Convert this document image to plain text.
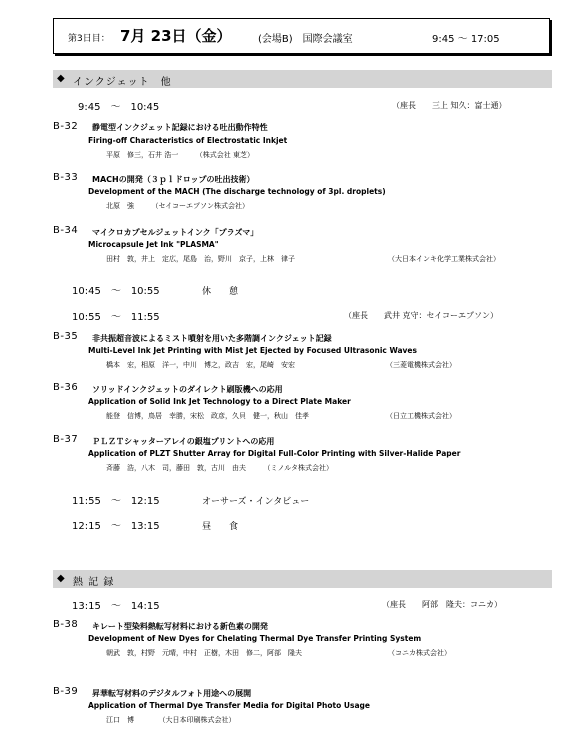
第3日目： 7月 23日（金）	(会場B)　国際会議室	9:45 ～ 17:05
◆ インクジェット　他
9:45　～　10:45	（座長　　三上 知久：富士通）
B-32 静電型インクジェット記録における吐出動作特性
Firing-off Characteristics of Electrostatic Inkjet
平原　修三，石井 浩一　　　（株式会社 東芝）
B-33 MACHの開発（３ｐｌドロップの吐出技術）
Development of the MACH (The discharge technology of 3pl. droplets)
北原　強　　　（セイコーエプソン株式会社）
B-34 マイクロカプセルジェットインク「プラズマ」
Microcapsule Jet Ink "PLASMA"
田村　敦，井上　定広，尾島　治，野川　京子，上林　律子	（大日本インキ化学工業株式会社）
10:45　～　10:55	休　　憩
10:55　～　11:55	（座長　　武井 克守：セイコーエプソン）
B-35 非共振超音波によるミスト噴射を用いた多階調インクジェット記録
Multi-Level Ink Jet Printing with Mist Jet Ejected by Focused Ultrasonic Waves
橋本　宏，相原　洋一，中川　博之，政吉　宏，尾崎　安宏	（三菱電機株式会社）
B-36 ソリッドインクジェットのダイレクト刷版機への応用
Application of Solid Ink Jet Technology to a Direct Plate Maker
能登　信博，鳥居　幸勝，宋松　政彦，久貝　健一，秋山　佳孝	（日立工機株式会社）
B-37 ＰＬＺＴシャッターアレイの銀塩プリントへの応用
Application of PLZT Shutter Array for Digital Full-Color Printing with Silver-Halide Paper
斉藤　浩，八木　司，藤田　敦，古川　由夫　　　（ミノルタ株式会社）
11:55　～　12:15	オーサーズ・インタビュー
12:15　～　13:15	昼　　食
◆ 熱 記 録
13:15　～　14:15	（座長　　阿部　隆夫：コニカ）
B-38 キレート型染料熱転写材料における新色素の開発
Development of New Dyes for Chelating Thermal Dye Transfer Printing System
朝武　敦，村野　元晴，中村　正樹，木田　修二，阿部　隆夫	（コニカ株式会社）
B-39 昇華転写材料のデジタルフォト用途への展開
Application of Thermal Dye Transfer Media for Digital Photo Usage
江口　博　　　　（大日本印刷株式会社）
